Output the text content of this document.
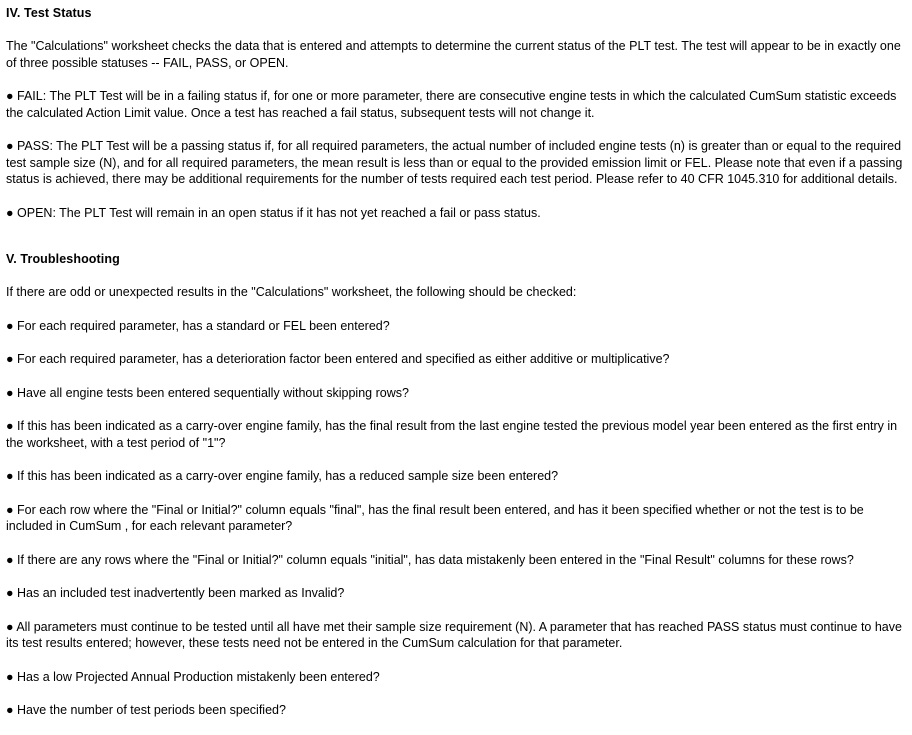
IV. Test Status

The "Calculations" worksheet checks the data that is entered and attempts to determine the current status of the PLT test. The test will appear to be in exactly one of three possible statuses -- FAIL, PASS, or OPEN.

● FAIL: The PLT Test will be in a failing status if, for one or more parameter, there are consecutive engine tests in which the calculated CumSum statistic exceeds the calculated Action Limit value. Once a test has reached a fail status, subsequent tests will not change it.

● PASS: The PLT Test will be a passing status if, for all required parameters, the actual number of included engine tests (n) is greater than or equal to the required test sample size (N), and for all required parameters, the mean result is less than or equal to the provided emission limit or FEL. Please note that even if a passing status is achieved, there may be additional requirements for the number of tests required each test period. Please refer to 40 CFR 1045.310 for additional details.

● OPEN: The PLT Test will remain in an open status if it has not yet reached a fail or pass status.

V. Troubleshooting

If there are odd or unexpected results in the "Calculations" worksheet, the following should be checked:

● For each required parameter, has a standard or FEL been entered?

● For each required parameter, has a deterioration factor been entered and specified as either additive or multiplicative?

● Have all engine tests been entered sequentially without skipping rows?

● If this has been indicated as a carry-over engine family, has the final result from the last engine tested the previous model year been entered as the first entry in the worksheet, with a test period of "1"?

● If this has been indicated as a carry-over engine family, has a reduced sample size been entered?

● For each row where the "Final or Initial?" column equals "final", has the final result been entered, and has it been specified whether or not the test is to be included in CumSum , for each relevant parameter?

● If there are any rows where the "Final or Initial?" column equals "initial", has data mistakenly been entered in the "Final Result" columns for these rows?

● Has an included test inadvertently been marked as Invalid?

● All parameters must continue to be tested until all have met their sample size requirement (N). A parameter that has reached PASS status must continue to have its test results entered; however, these tests need not be entered in the CumSum calculation for that parameter.

● Has a low Projected Annual Production mistakenly been entered?

● Have the number of test periods been specified?
